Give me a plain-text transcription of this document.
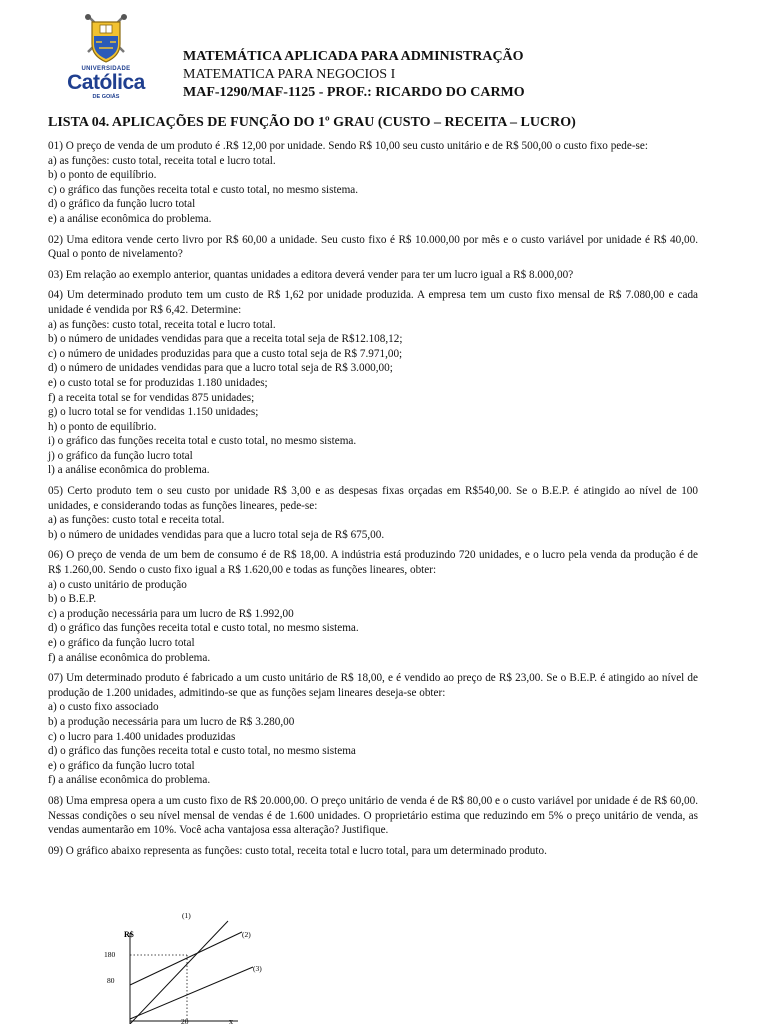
UNIVERSIDADE
Católica
DE GOIÁS
MATEMÁTICA APLICADA PARA ADMINISTRAÇÃO
MATEMATICA PARA NEGOCIOS I
MAF-1290/MAF-1125 - PROF.: RICARDO DO CARMO
LISTA 04. APLICAÇÕES DE FUNÇÃO DO 1º GRAU (CUSTO – RECEITA – LUCRO)

01) O preço de venda de um produto é .R$ 12,00 por unidade. Sendo R$ 10,00 seu custo unitário e de R$ 500,00 o custo fixo pede-se:

a) as funções: custo total, receita total e lucro total.
b) o ponto de equilíbrio.
c) o gráfico das funções receita total e custo total, no mesmo sistema.
d) o gráfico da função lucro total
e) a análise econômica do problema.

02) Uma editora vende certo livro por R$ 60,00 a unidade. Seu custo fixo é R$ 10.000,00 por mês e o custo variável por unidade é R$ 40,00. Qual o ponto de nivelamento?

03) Em relação ao exemplo anterior, quantas unidades a editora deverá vender para ter um lucro igual a R$ 8.000,00?

04) Um determinado produto tem um custo de R$ 1,62 por unidade produzida. A empresa tem um custo fixo mensal de R$ 7.080,00 e cada unidade é vendida por R$ 6,42. Determine:

a) as funções: custo total, receita total e lucro total.
b) o número de unidades vendidas para que a receita total seja de R$12.108,12;
c) o número de unidades produzidas para que a custo total seja de R$ 7.971,00;
d) o número de unidades vendidas para que a lucro total seja de R$ 3.000,00;
e) o custo total se for produzidas 1.180 unidades;
f) a receita total se for vendidas 875 unidades;
g) o lucro total se for vendidas 1.150 unidades;
h) o ponto de equilíbrio.
i) o gráfico das funções receita total e custo total, no mesmo sistema.
j) o gráfico da função lucro total
l) a análise econômica do problema.

05) Certo produto tem o seu custo por unidade R$ 3,00 e as despesas fixas orçadas em R$540,00. Se o B.E.P. é atingido ao nível de 100 unidades, e considerando todas as funções lineares, pede-se:

a) as funções: custo total e receita total.
b) o número de unidades vendidas para que a lucro total seja de R$ 675,00.

06) O preço de venda de um bem de consumo é de R$ 18,00. A indústria está produzindo 720 unidades, e o lucro pela venda da produção é de R$ 1.260,00. Sendo o custo fixo igual a R$ 1.620,00 e todas as funções lineares, obter:

a) o custo unitário de produção
b) o B.E.P.
c) a produção necessária para um lucro de R$ 1.992,00
d) o gráfico das funções receita total e custo total, no mesmo sistema.
e) o gráfico da função lucro total
f) a análise econômica do problema.

07) Um determinado produto é fabricado a um custo unitário de R$ 18,00, e é vendido ao preço de R$ 23,00. Se o B.E.P. é atingido ao nível de produção de 1.200 unidades, admitindo-se que as funções sejam lineares deseja-se obter:

a) o custo fixo associado
b) a produção necessária para um lucro de R$ 3.280,00
c) o lucro para 1.400 unidades produzidas
d) o gráfico das funções receita total e custo total, no mesmo sistema
e) o gráfico da função lucro total
f) a análise econômica do problema.

08) Uma empresa opera a um custo fixo de R$ 20.000,00. O preço unitário de venda é de R$ 80,00 e o custo variável por unidade é de R$ 60,00. Nessas condições o seu nível mensal de vendas é de 1.600 unidades. O proprietário estima que reduzindo em 5% o preço unitário de venda, as vendas aumentarão em 10%. Você acha vantajosa essa alteração? Justifique.

09) O gráfico abaixo representa as funções: custo total, receita total e lucro total, para um determinado produto.

R$
x
180
80
20
(1)
(2)
(3)
